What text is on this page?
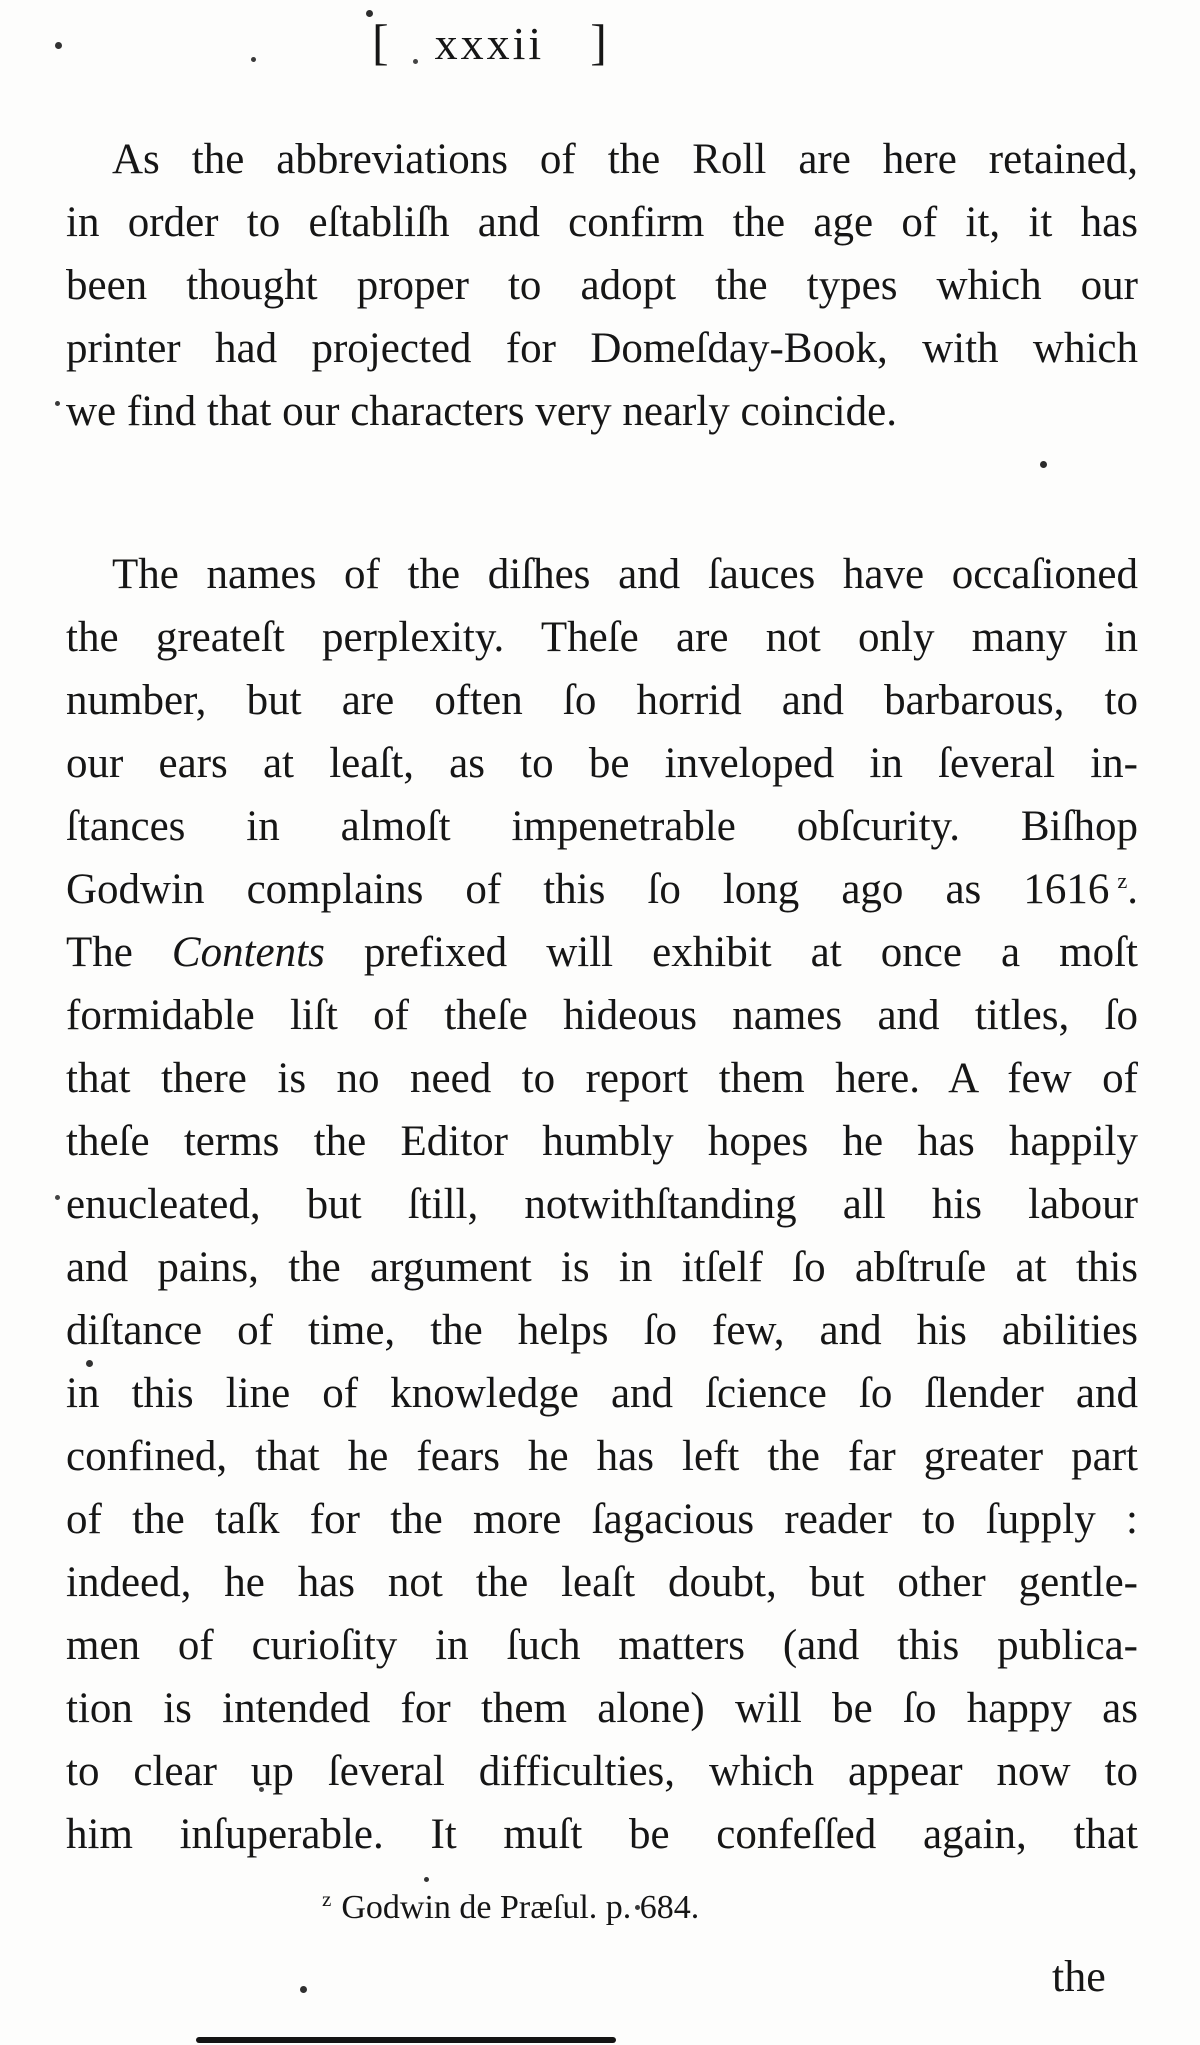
[ xxxii ]

As the abbreviations of the Roll are here retained,
in order to eſtabliſh and confirm the age of it, it has
been thought proper to adopt the types which our
printer had projected for Domeſday-Book, with which
we find that our characters very nearly coincide.

The names of the diſhes and ſauces have occaſioned
the greateſt perplexity. Theſe are not only many in
number, but are often ſo horrid and barbarous, to
our ears at leaſt, as to be inveloped in ſeveral in-
ſtances in almoſt impenetrable obſcurity. Biſhop
Godwin complains of this ſo long ago as 1616 $^z$.
The Contents prefixed will exhibit at once a moſt
formidable liſt of theſe hideous names and titles, ſo
that there is no need to report them here. A few of
theſe terms the Editor humbly hopes he has happily
enucleated, but ſtill, notwithſtanding all his labour
and pains, the argument is in itſelf ſo abſtruſe at this
diſtance of time, the helps ſo few, and his abilities
in this line of knowledge and ſcience ſo ſlender and
confined, that he fears he has left the far greater part
of the taſk for the more ſagacious reader to ſupply :
indeed, he has not the leaſt doubt, but other gentle-
men of curioſity in ſuch matters (and this publica-
tion is intended for them alone) will be ſo happy as
to clear up ſeveral difficulties, which appear now to
him inſuperable. It muſt be confeſſed again, that

$^z$ Godwin de Præſul. p. 684.
the
